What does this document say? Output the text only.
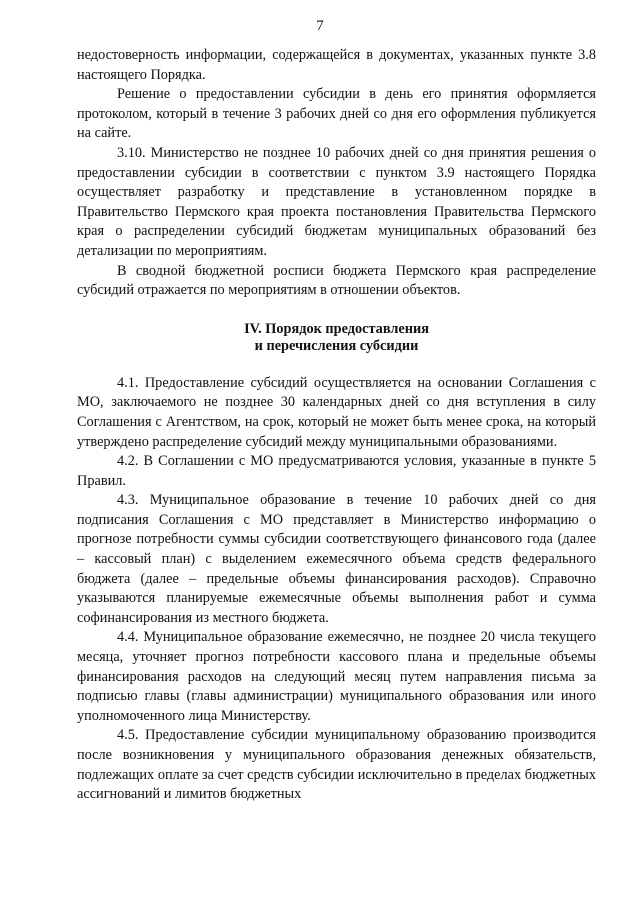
7

недостоверность информации, содержащейся в документах, указанных пункте 3.8 настоящего Порядка.

Решение о предоставлении субсидии в день его принятия оформляется протоколом, который в течение 3 рабочих дней со дня его оформления публикуется на сайте.

3.10. Министерство не позднее 10 рабочих дней со дня принятия решения о предоставлении субсидии в соответствии с пунктом 3.9 настоящего Порядка осуществляет разработку и представление в установленном порядке в Правительство Пермского края проекта постановления Правительства Пермского края о распределении субсидий бюджетам муниципальных образований без детализации по мероприятиям.

В сводной бюджетной росписи бюджета Пермского края распределение субсидий отражается по мероприятиям в отношении объектов.

IV. Порядок предоставления
и перечисления субсидии

4.1. Предоставление субсидий осуществляется на основании Соглашения с МО, заключаемого не позднее 30 календарных дней со дня вступления в силу Соглашения с Агентством, на срок, который не может быть менее срока, на который утверждено распределение субсидий между муниципальными образованиями.

4.2. В Соглашении с МО предусматриваются условия, указанные в пункте 5 Правил.

4.3. Муниципальное образование в течение 10 рабочих дней со дня подписания Соглашения с МО представляет в Министерство информацию о прогнозе потребности суммы субсидии соответствующего финансового года (далее – кассовый план) с выделением ежемесячного объема средств федерального бюджета (далее – предельные объемы финансирования расходов). Справочно указываются планируемые ежемесячные объемы выполнения работ и сумма софинансирования из местного бюджета.

4.4. Муниципальное образование ежемесячно, не позднее 20 числа текущего месяца, уточняет прогноз потребности кассового плана и предельные объемы финансирования расходов на следующий месяц путем направления письма за подписью главы (главы администрации) муниципального образования или иного уполномоченного лица Министерству.

4.5. Предоставление субсидии муниципальному образованию производится после возникновения у муниципального образования денежных обязательств, подлежащих оплате за счет средств субсидии исключительно в пределах бюджетных ассигнований и лимитов бюджетных
